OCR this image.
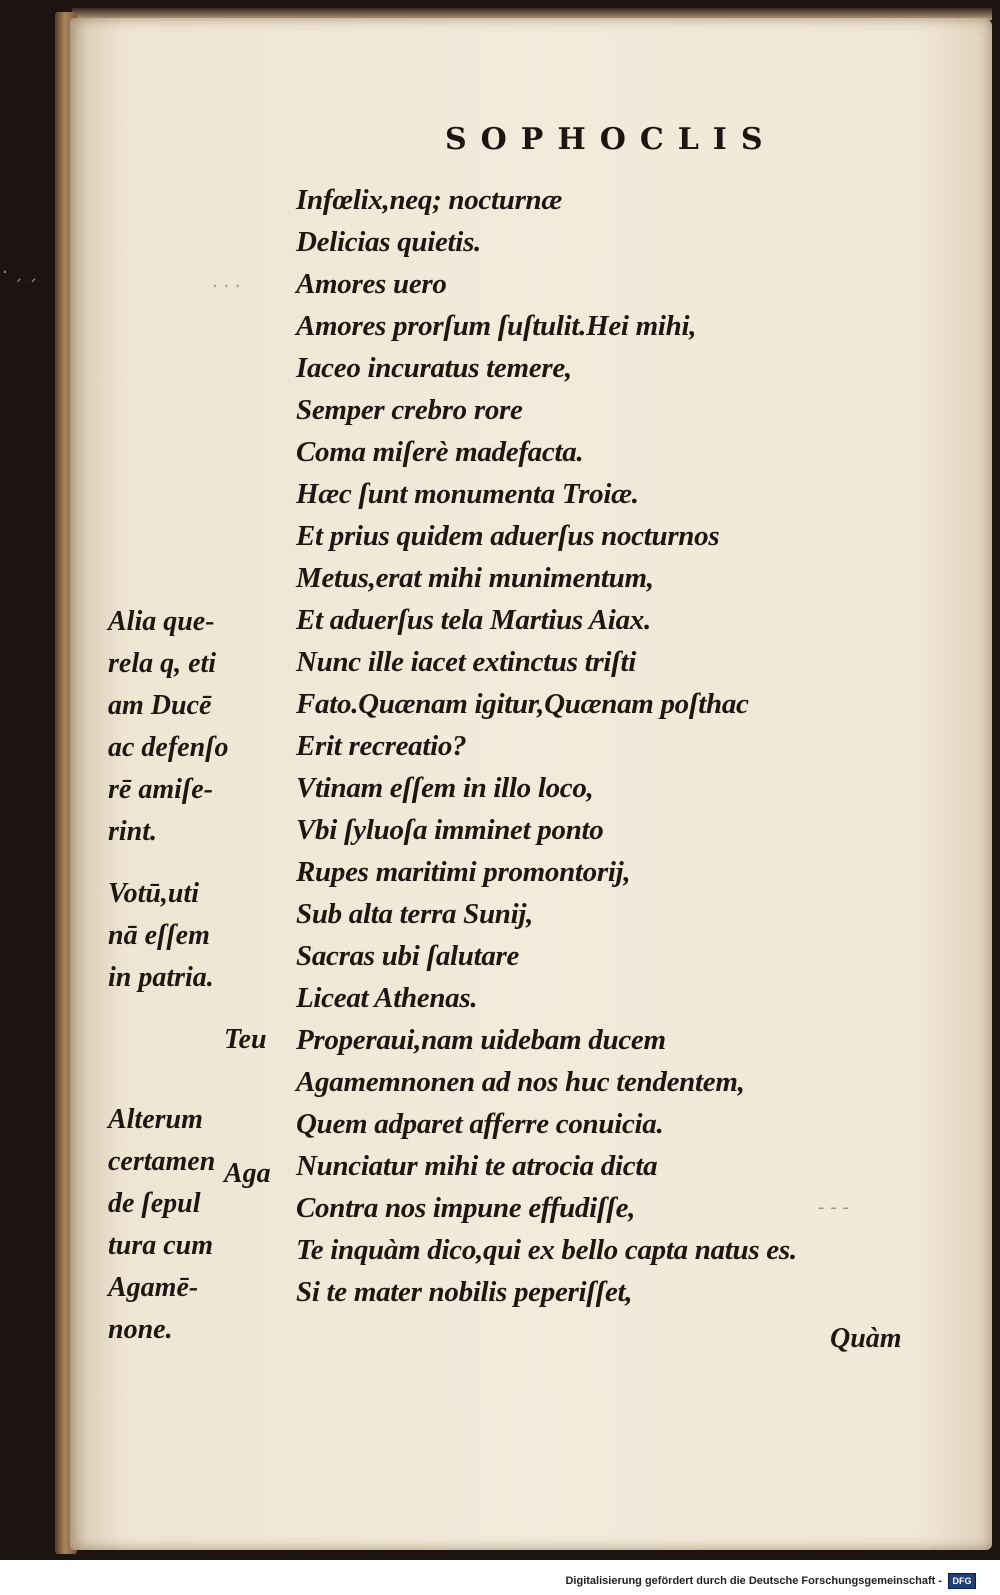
· ˏ ˏ
· · ·
- - -
SOPHOCLIS
Infœlix,neq; nocturnæ
Delicias quietis.
Amores uero
Amores prorſum ſuſtulit.Hei mihi,
Iaceo incuratus temere,
Semper crebro rore
Coma miſerè madefacta.
Hæc ſunt monumenta Troiæ.
Et prius quidem aduerſus nocturnos
Metus,erat mihi munimentum,
Et aduerſus tela Martius Aiax.
Nunc ille iacet extinctus triſti
Fato.Quænam igitur,Quænam poſthac
Erit recreatio?
Vtinam eſſem in illo loco,
Vbi ſyluoſa imminet ponto
Rupes maritimi promontorij,
Sub alta terra Sunij,
Sacras ubi ſalutare
Liceat Athenas.
Properaui,nam uidebam ducem
Agamemnonen ad nos huc tendentem,
Quem adparet afferre conuicia.
Nunciatur mihi te atrocia dicta
Contra nos impune effudiſſe,
Te inquàm dico,qui ex bello capta natus es.
Si te mater nobilis peperiſſet,
Alia que-
rela q, eti
am Ducē
ac defenſo
rē amiſe-
rint.
Votū,uti
nā eſſem
in patria.
Alterum
certamen
de ſepul
tura cum
Agamē-
none.
Teu
Aga
Quàm
Digitalisierung gefördert durch die Deutsche Forschungsgemeinschaft -	DFG
